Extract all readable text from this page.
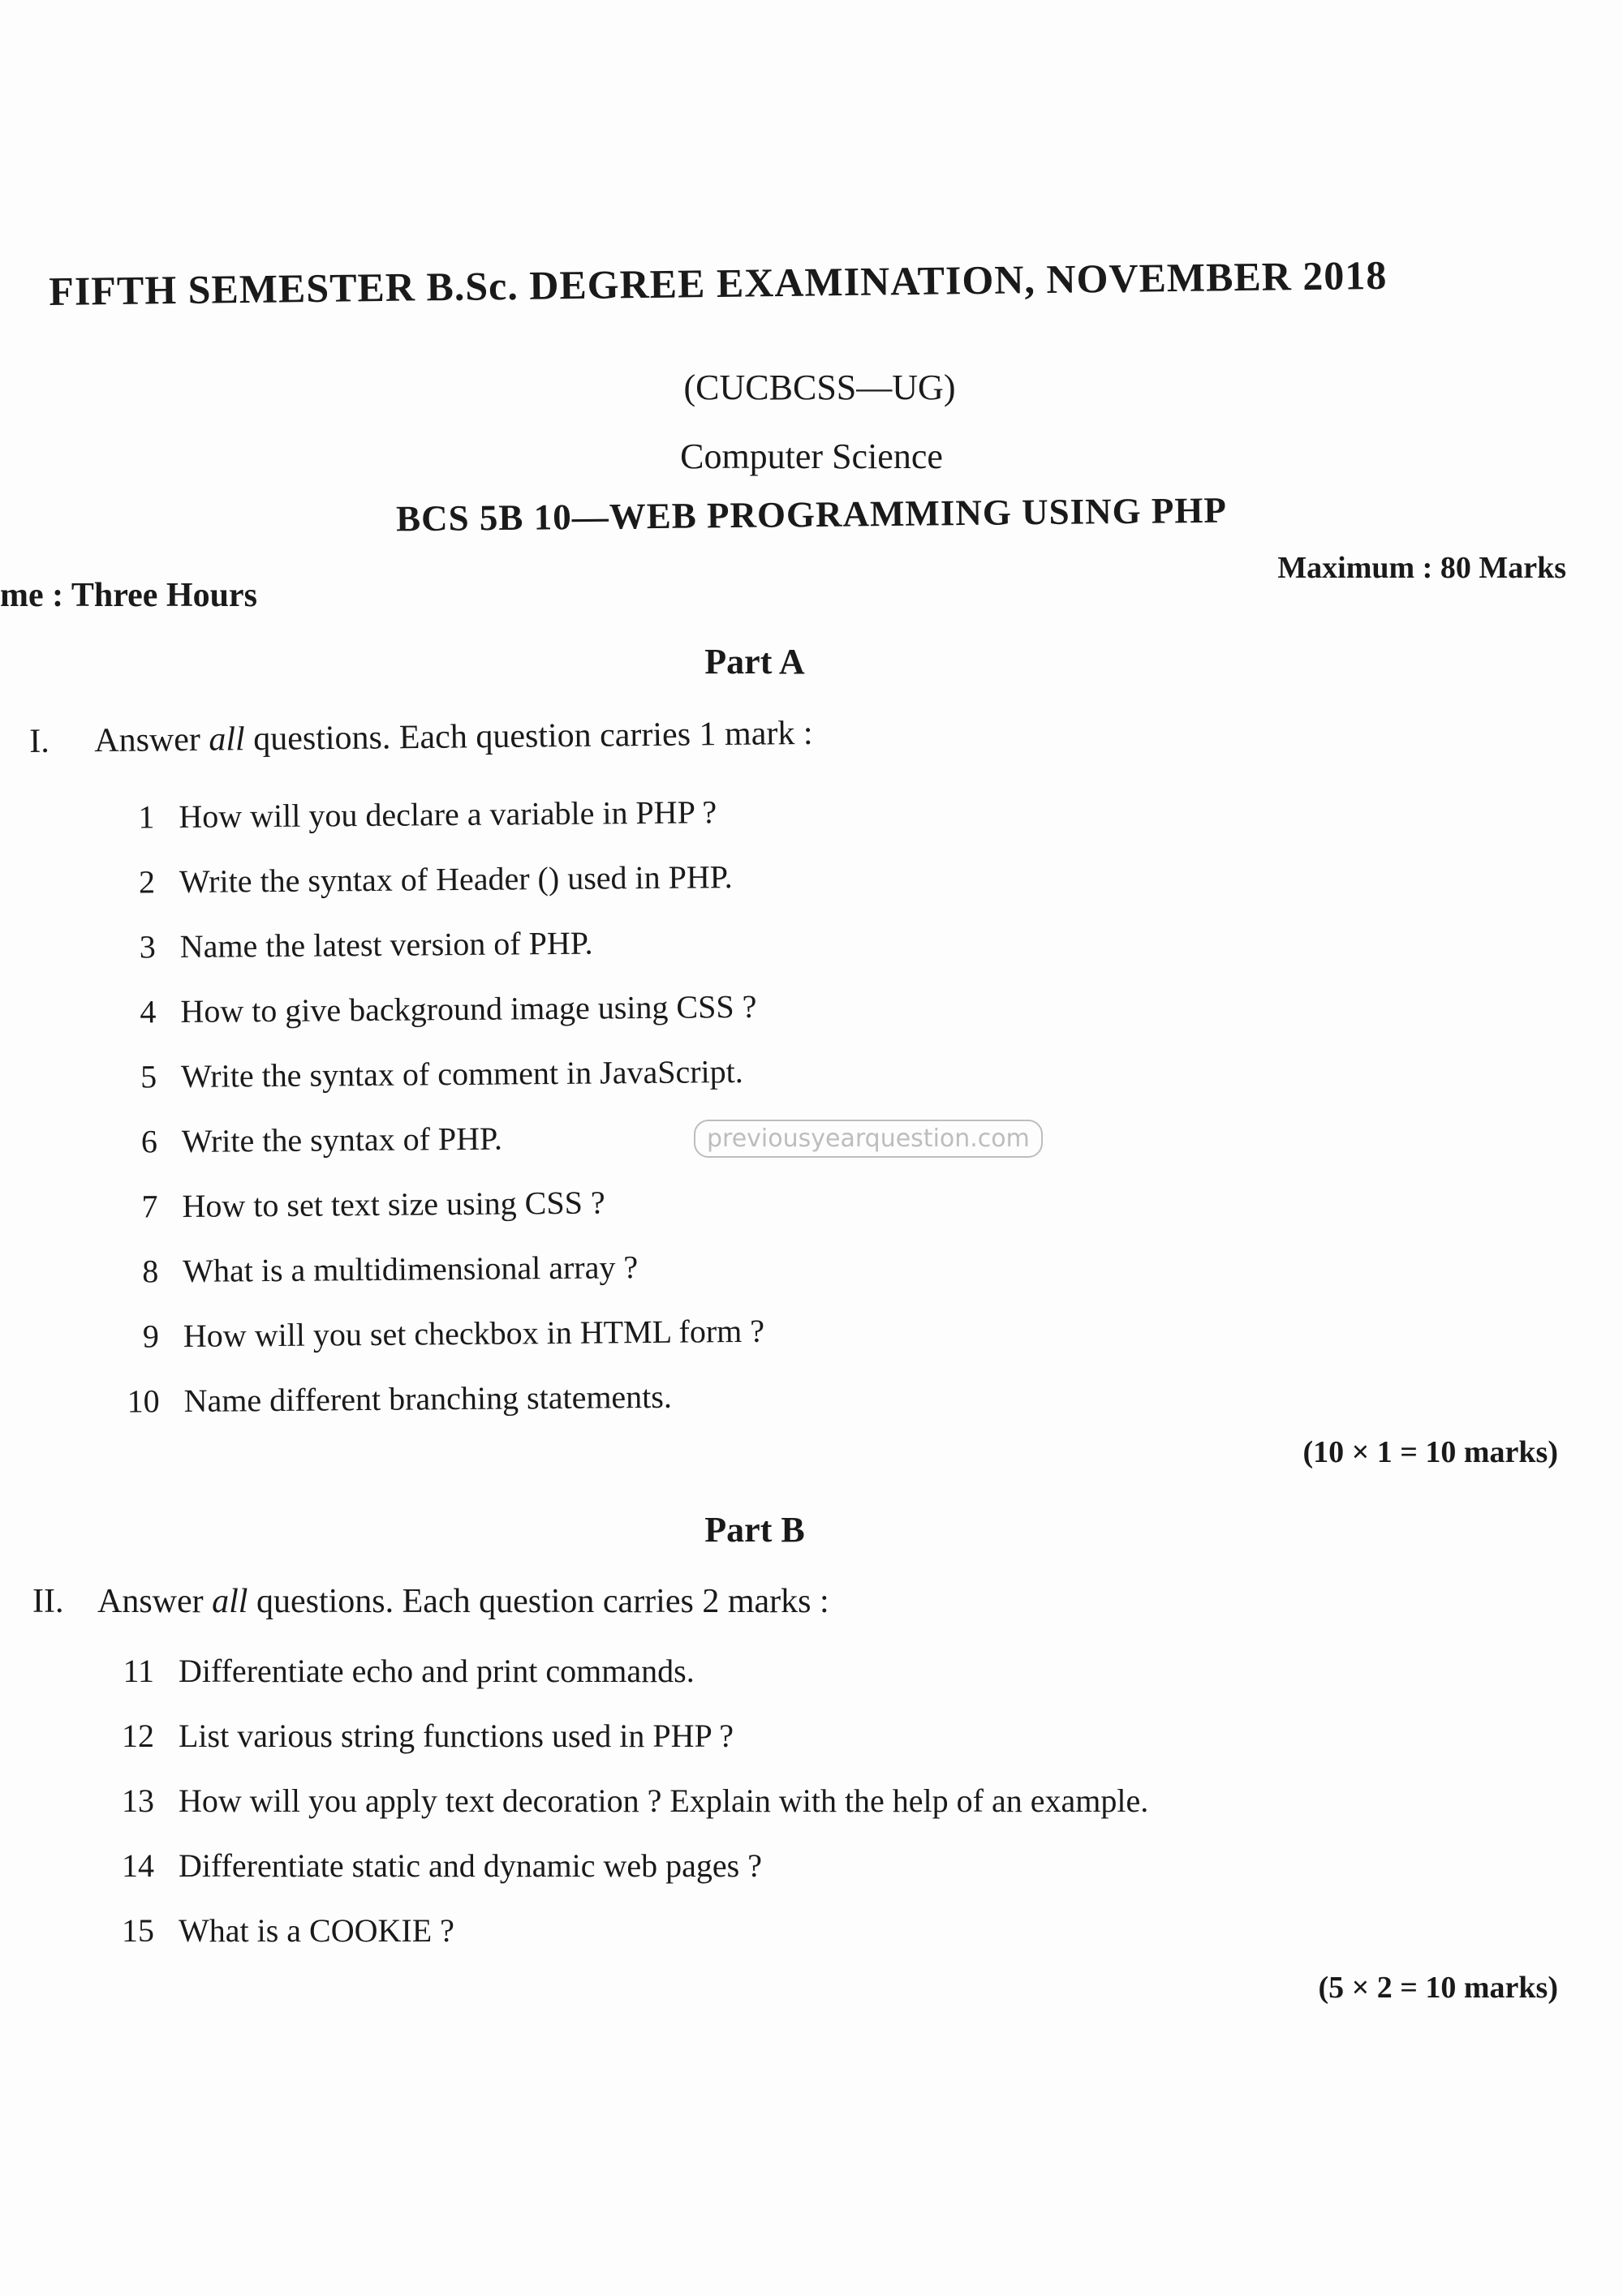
FIFTH SEMESTER B.Sc. DEGREE EXAMINATION, NOVEMBER 2018
(CUCBCSS—UG)
Computer Science
BCS 5B 10—WEB PROGRAMMING USING PHP
me : Three Hours
Maximum : 80 Marks
Part A
I. Answer all questions. Each question carries 1 mark :
1 How will you declare a variable in PHP ?
2 Write the syntax of Header () used in PHP.
3 Name the latest version of PHP.
4 How to give background image using CSS ?
5 Write the syntax of comment in JavaScript.
6 Write the syntax of PHP.
7 How to set text size using CSS ?
8 What is a multidimensional array ?
9 How will you set checkbox in HTML form ?
10 Name different branching statements.
(10 × 1 = 10 marks)
previousyearquestion.com
Part B
II. Answer all questions. Each question carries 2 marks :
11 Differentiate echo and print commands.
12 List various string functions used in PHP ?
13 How will you apply text decoration ? Explain with the help of an example.
14 Differentiate static and dynamic web pages ?
15 What is a COOKIE ?
(5 × 2 = 10 marks)
